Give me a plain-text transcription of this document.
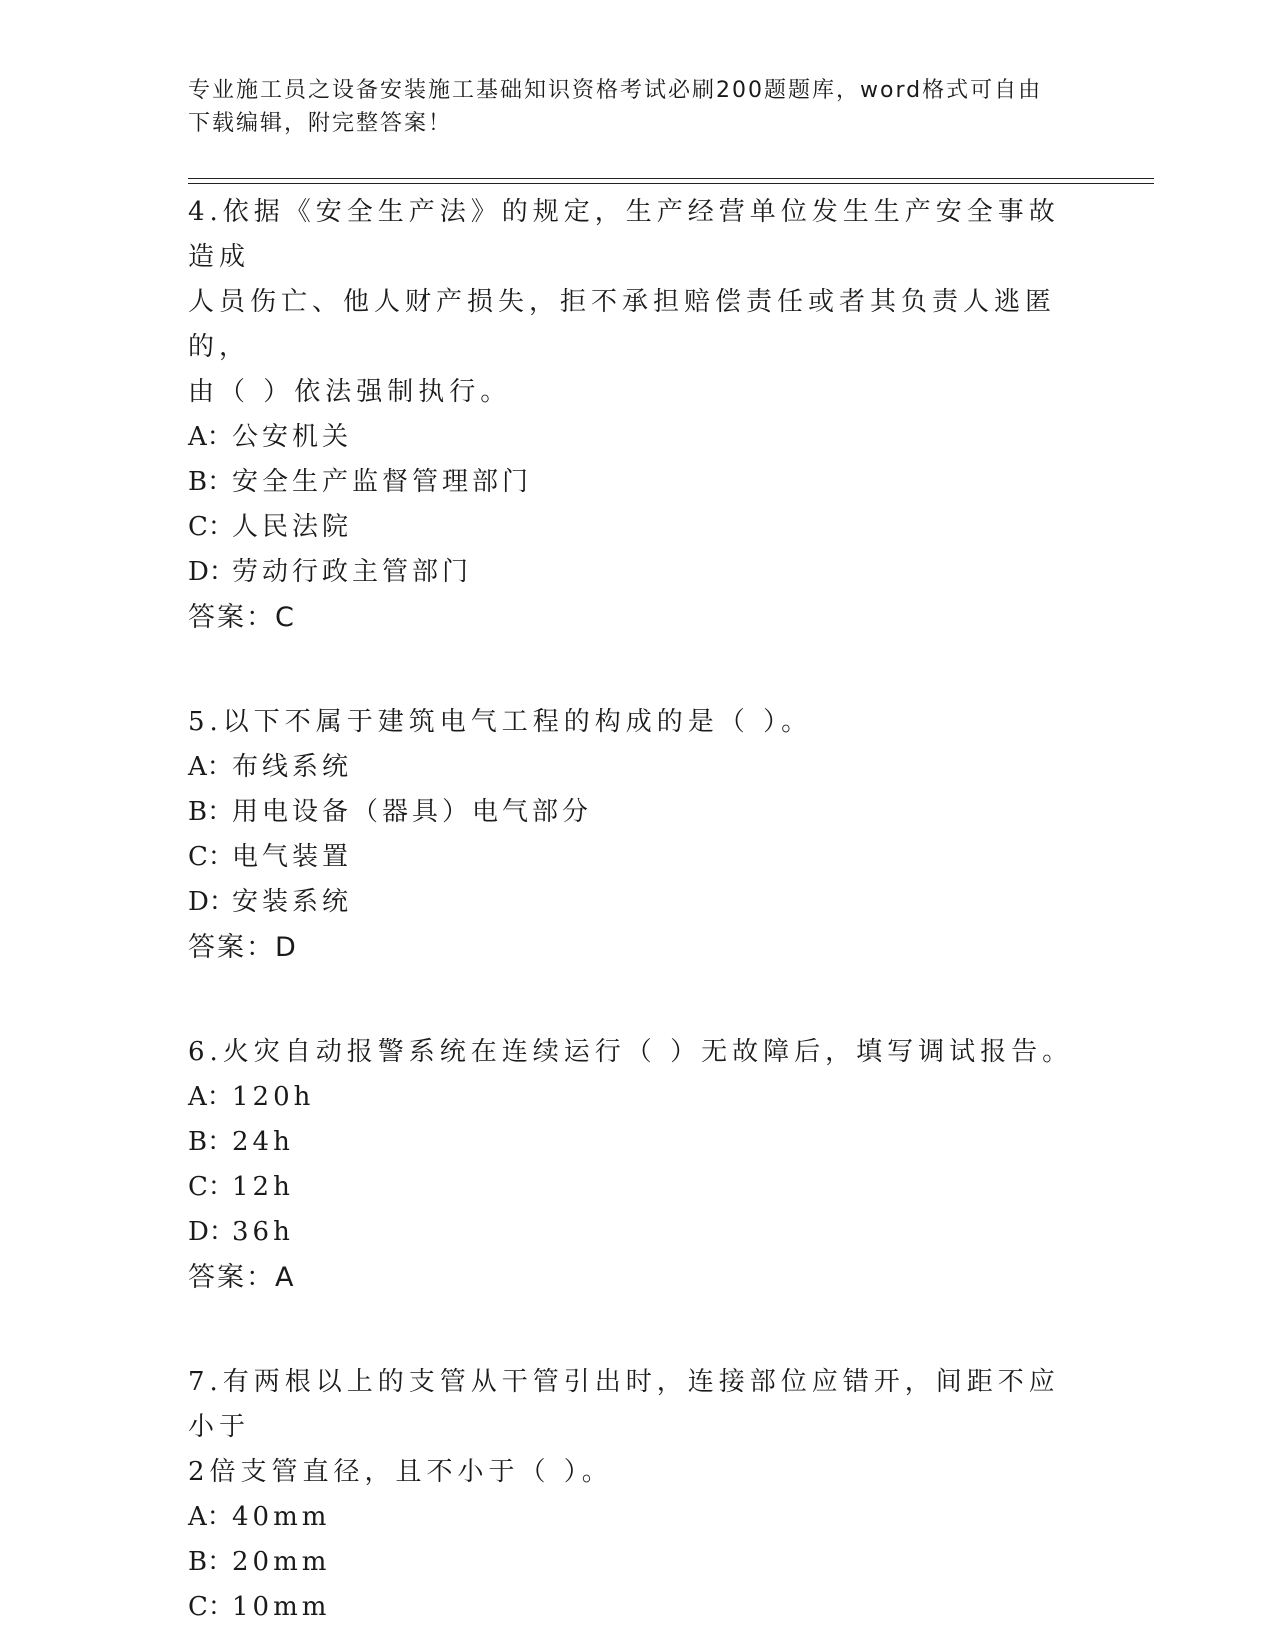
专业施工员之设备安装施工基础知识资格考试必刷200题题库，word格式可自由
下载编辑，附完整答案！
4.依据《安全生产法》的规定，生产经营单位发生生产安全事故造成
人员伤亡、他人财产损失，拒不承担赔偿责任或者其负责人逃匿的，
由（ ）依法强制执行。
A： 公安机关
B：
安全生产监督管理部门
C：
人民法院
D：
劳动行政主管部门
答案：C
5.以下不属于建筑电气工程的构成的是（ ）。
A： 布线系统
B：
用电设备（器具）电气部分
C：
电气装置
D：
安装系统
答案：D
6.火灾自动报警系统在连续运行（ ）无故障后，填写调试报告。
A： 120h
B：
24h
C：
12h
D：
36h
答案：A
7.有两根以上的支管从干管引出时，连接部位应错开，间距不应小于
2倍支管直径，且不小于（ ）。
A： 40mm
B：
20mm
C：
10mm
